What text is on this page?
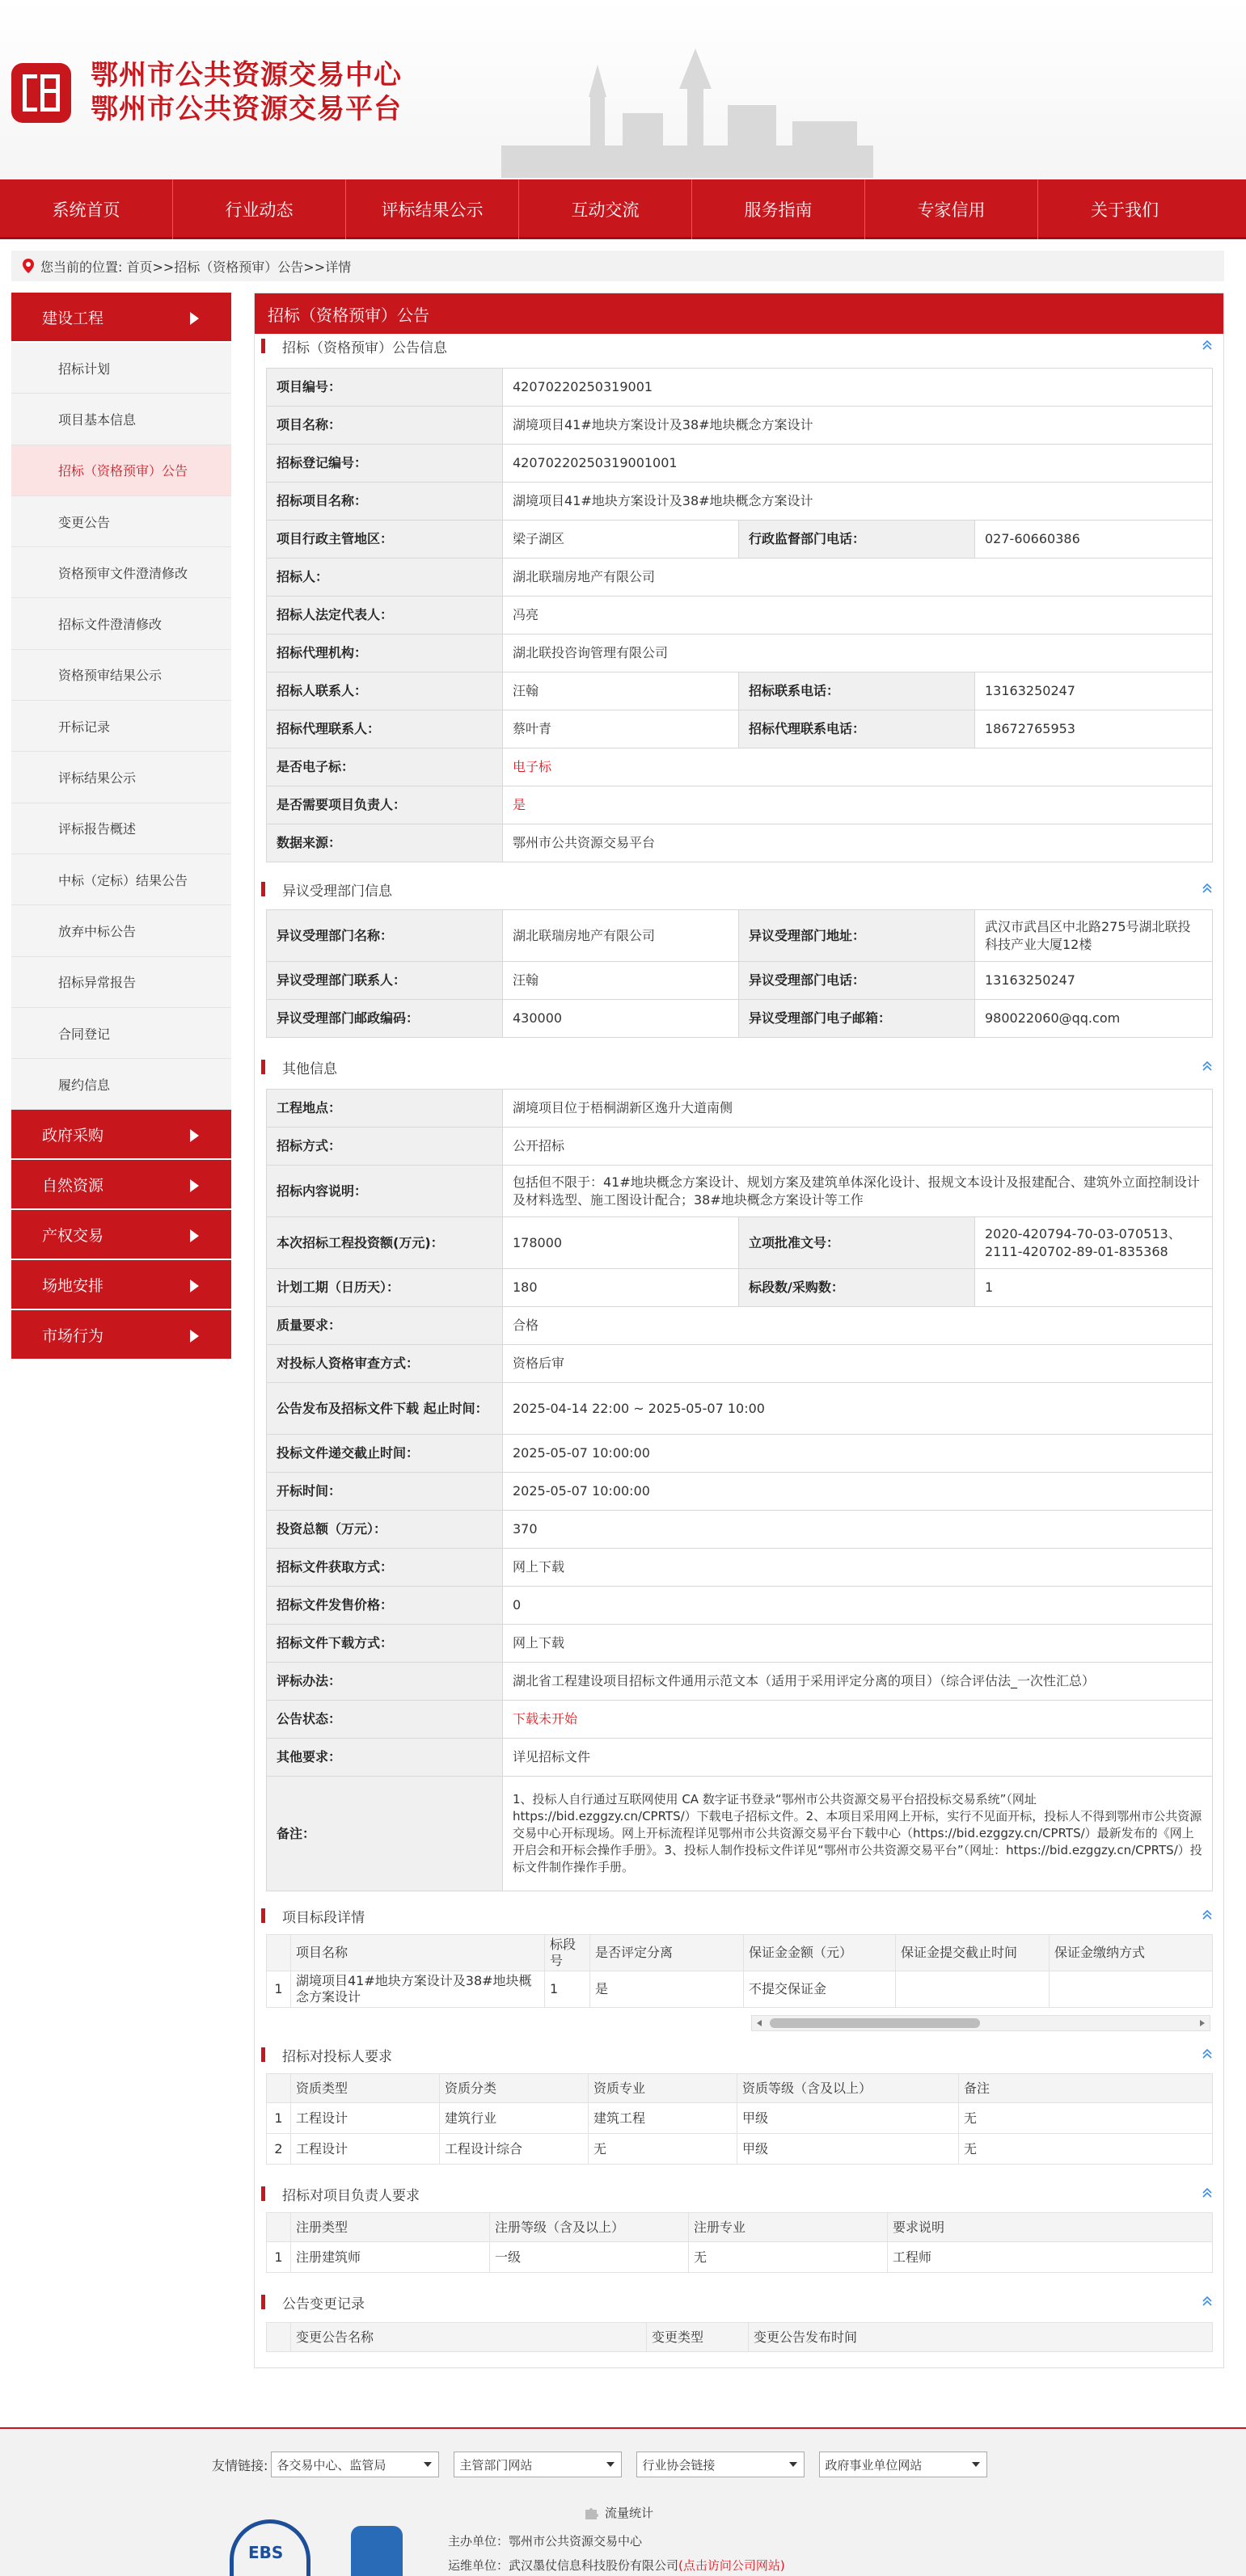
鄂州市公共资源交易中心
鄂州市公共资源交易平台
系统首页	行业动态	评标结果公示	互动交流	服务指南	专家信用	关于我们
您当前的位置: 首页>>招标（资格预审）公告>>详情
建设工程
招标计划
项目基本信息
招标（资格预审）公告
变更公告
资格预审文件澄清修改
招标文件澄清修改
资格预审结果公示
开标记录
评标结果公示
评标报告概述
中标（定标）结果公告
放弃中标公告
招标异常报告
合同登记
履约信息
政府采购
自然资源
产权交易
场地安排
市场行为
招标（资格预审）公告
招标（资格预审）公告信息
项目编号：	42070220250319001		
项目名称：	湖境项目41#地块方案设计及38#地块概念方案设计		
招标登记编号：	42070220250319001001		
招标项目名称：	湖境项目41#地块方案设计及38#地块概念方案设计		
项目行政主管地区：	梁子湖区	行政监督部门电话：	027-60660386
招标人：	湖北联瑞房地产有限公司		
招标人法定代表人：	冯亮		
招标代理机构：	湖北联投咨询管理有限公司		
招标人联系人：	汪翰	招标联系电话：	13163250247
招标代理联系人：	蔡叶青	招标代理联系电话：	18672765953
是否电子标：	电子标		
是否需要项目负责人：	是		
数据来源：	鄂州市公共资源交易平台		
异议受理部门信息
异议受理部门名称：	湖北联瑞房地产有限公司	异议受理部门地址：	武汉市武昌区中北路275号湖北联投科技产业大厦12楼
异议受理部门联系人：	汪翰	异议受理部门电话：	13163250247
异议受理部门邮政编码：	430000	异议受理部门电子邮箱：	980022060@qq.com
其他信息
工程地点：	湖境项目位于梧桐湖新区逸升大道南侧		
招标方式：	公开招标		
招标内容说明：	包括但不限于：41#地块概念方案设计、规划方案及建筑单体深化设计、报规文本设计及报建配合、建筑外立面控制设计及材料选型、施工图设计配合；38#地块概念方案设计等工作		
本次招标工程投资额(万元)：	178000	立项批准文号：	2020-420794-70-03-070513、2111-420702-89-01-835368
计划工期（日历天）：	180	标段数/采购数：	1
质量要求：	合格		
对投标人资格审查方式：	资格后审		
公告发布及招标文件下载 起止时间：	2025-04-14 22:00 ~ 2025-05-07 10:00		
投标文件递交截止时间：	2025-05-07 10:00:00		
开标时间：	2025-05-07 10:00:00		
投资总额（万元）：	370		
招标文件获取方式：	网上下载		
招标文件发售价格：	0		
招标文件下载方式：	网上下载		
评标办法：	湖北省工程建设项目招标文件通用示范文本（适用于采用评定分离的项目）（综合评估法_一次性汇总）		
公告状态：	下载未开始		
其他要求：	详见招标文件		
备注：	1、投标人自行通过互联网使用 CA 数字证书登录“鄂州市公共资源交易平台招投标交易系统”（网址https://bid.ezggzy.cn/CPRTS/）下载电子招标文件。2、本项目采用网上开标，实行不见面开标，投标人不得到鄂州市公共资源交易中心开标现场。网上开标流程详见鄂州市公共资源交易平台下载中心（https://bid.ezggzy.cn/CPRTS/）最新发布的《网上开启会和开标会操作手册》。3、投标人制作投标文件详见“鄂州市公共资源交易平台”（网址：https://bid.ezggzy.cn/CPRTS/）投标文件制作操作手册。		
项目标段详情
	项目名称	标段号	是否评定分离	保证金金额（元）	保证金提交截止时间	保证金缴纳方式
1	湖境项目41#地块方案设计及38#地块概念方案设计	1	是	不提交保证金		
招标对投标人要求
	资质类型	资质分类	资质专业	资质等级（含及以上）	备注
1	工程设计	建筑行业	建筑工程	甲级	无
2	工程设计	工程设计综合	无	甲级	无
招标对项目负责人要求
	注册类型	注册等级（含及以上）	注册专业	要求说明
1	注册建筑师	一级	无	工程师
公告变更记录
	变更公告名称	变更类型	变更公告发布时间
友情链接: 各交易中心、监管局	主管部门网站	行业协会链接	政府事业单位网站
流量统计
EBS
主办单位：鄂州市公共资源交易中心
运维单位：武汉墨仗信息科技股份有限公司(点击访问公司网站)
